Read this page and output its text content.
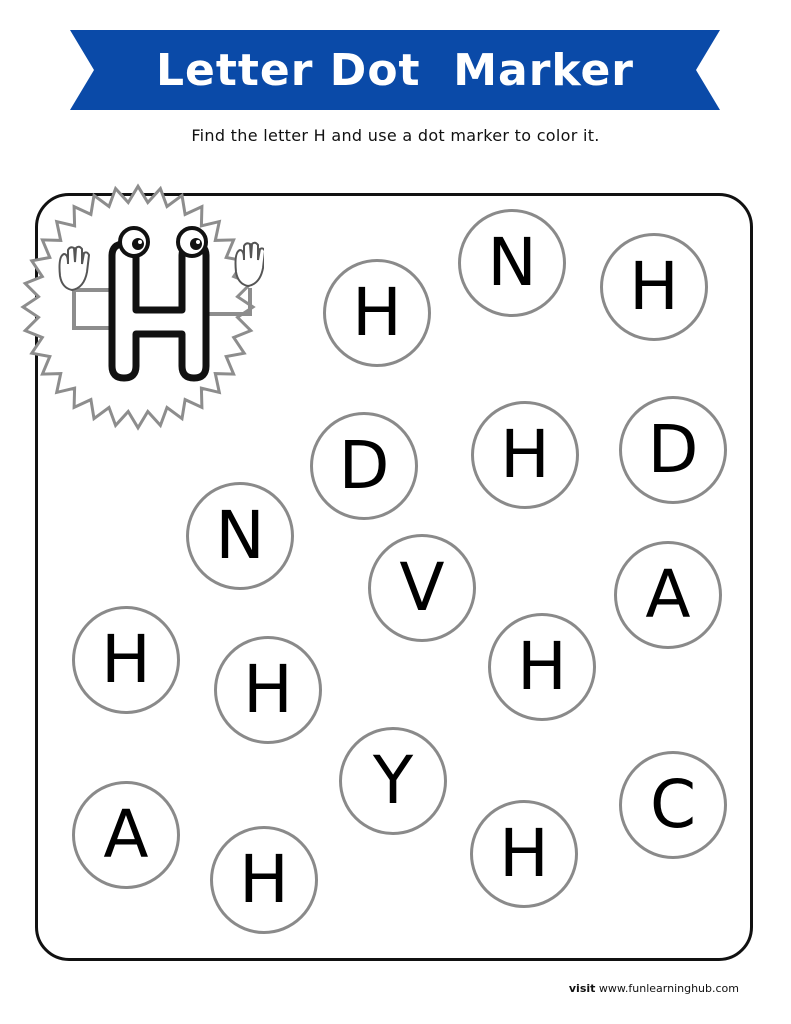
Letter Dot  Marker
Find the letter H and use a dot marker to color it.
N	H
H
D	H	D
N
V	A
H	H
H
Y	C
A	H
H
visit www.funlearninghub.com
